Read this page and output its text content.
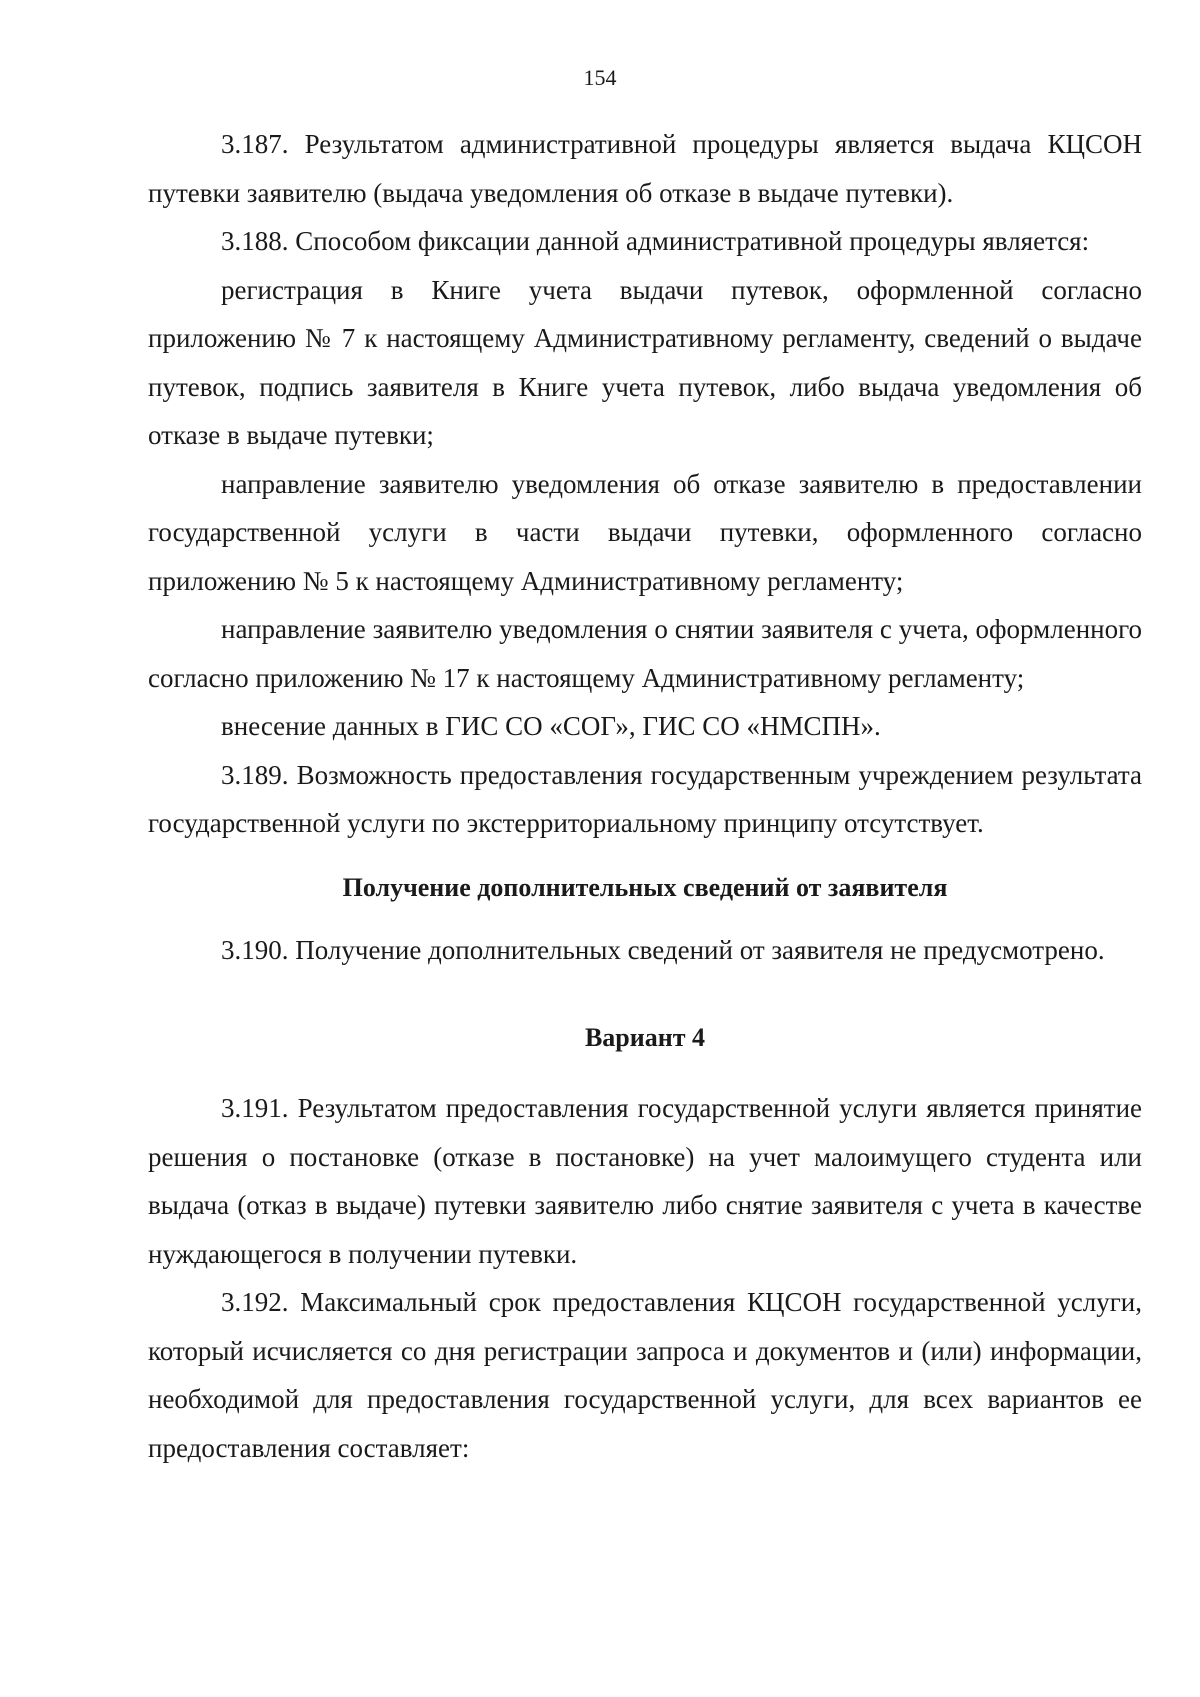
154

3.187. Результатом административной процедуры является выдача КЦСОН путевки заявителю (выдача уведомления об отказе в выдаче путевки).

3.188. Способом фиксации данной административной процедуры является:

регистрация в Книге учета выдачи путевок, оформленной согласно приложению № 7 к настоящему Административному регламенту, сведений о выдаче путевок, подпись заявителя в Книге учета путевок, либо выдача уведомления об отказе в выдаче путевки;

направление заявителю уведомления об отказе заявителю в предоставлении государственной услуги в части выдачи путевки, оформленного согласно приложению № 5 к настоящему Административному регламенту;

направление заявителю уведомления о снятии заявителя с учета, оформленного согласно приложению № 17 к настоящему Административному регламенту;

внесение данных в ГИС СО «СОГ», ГИС СО «НМСПН».

3.189. Возможность предоставления государственным учреждением результата государственной услуги по экстерриториальному принципу отсутствует.

Получение дополнительных сведений от заявителя

3.190. Получение дополнительных сведений от заявителя не предусмотрено.

Вариант 4

3.191. Результатом предоставления государственной услуги является принятие решения о постановке (отказе в постановке) на учет малоимущего студента или выдача (отказ в выдаче) путевки заявителю либо снятие заявителя с учета в качестве нуждающегося в получении путевки.

3.192. Максимальный срок предоставления КЦСОН государственной услуги, который исчисляется со дня регистрации запроса и документов и (или) информации, необходимой для предоставления государственной услуги, для всех вариантов ее предоставления составляет:
